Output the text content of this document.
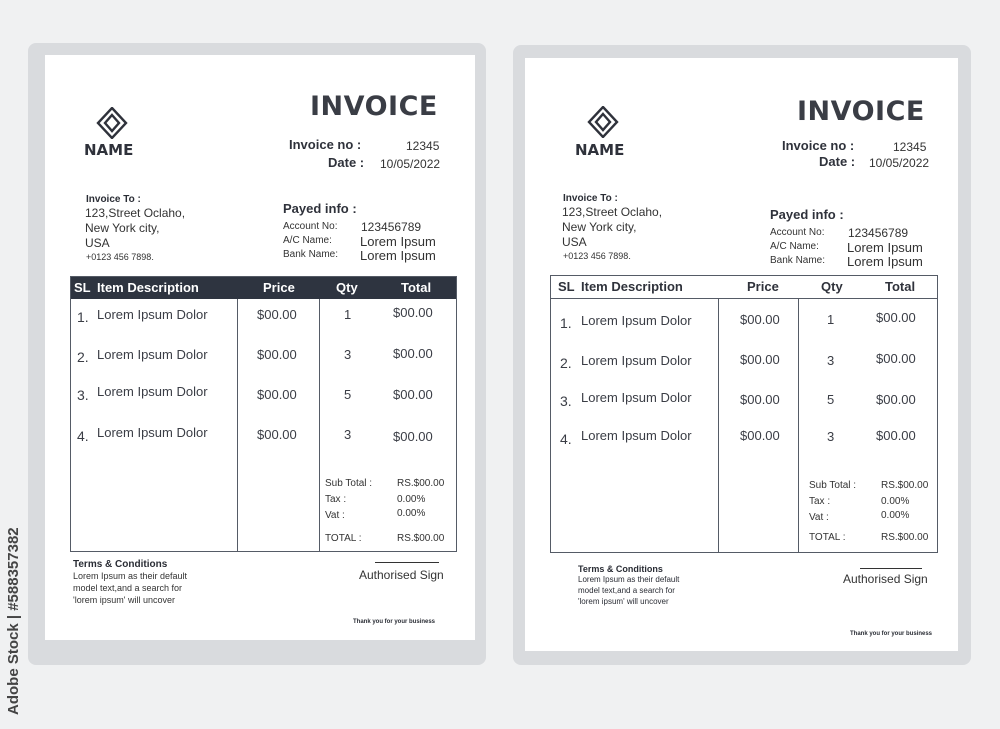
NAME
INVOICE
Invoice no :	12345
Date : 10/05/2022
Invoice To :
123,Street Oclaho,
New York city,
USA
+0123 456 7898.
Payed info :
Account No: 123456789
A/C Name: Lorem Ipsum
Bank Name: Lorem Ipsum
SL Item Description	Price	Qty	Total
1. Lorem Ipsum Dolor	$00.00	1	$00.00
2. Lorem Ipsum Dolor	$00.00	3	$00.00
3. Lorem Ipsum Dolor	$00.00	5	$00.00
4. Lorem Ipsum Dolor	$00.00	3	$00.00
Sub Total : RS.$00.00
Tax :	0.00%
Vat :	0.00%
TOTAL :	RS.$00.00
Terms & Conditions
Lorem Ipsum as their default
model text,and a search for
'lorem ipsum' will uncover
Authorised Sign
Thank you for your business
NAME
INVOICE
Invoice no :	12345
Date : 10/05/2022
Invoice To :
123,Street Oclaho,
New York city,
USA
+0123 456 7898.
Payed info :
Account No: 123456789
A/C Name: Lorem Ipsum
Bank Name: Lorem Ipsum
SL Item Description	Price	Qty	Total
1. Lorem Ipsum Dolor	$00.00	1	$00.00
2. Lorem Ipsum Dolor	$00.00	3	$00.00
3. Lorem Ipsum Dolor	$00.00	5	$00.00
4. Lorem Ipsum Dolor	$00.00	3	$00.00
Sub Total : RS.$00.00
Tax :	0.00%
Vat :	0.00%
TOTAL :	RS.$00.00
Terms & Conditions
Lorem Ipsum as their default
model text,and a search for
'lorem ipsum' will uncover
Authorised Sign
Thank you for your business
Adobe Stock | #588357382
